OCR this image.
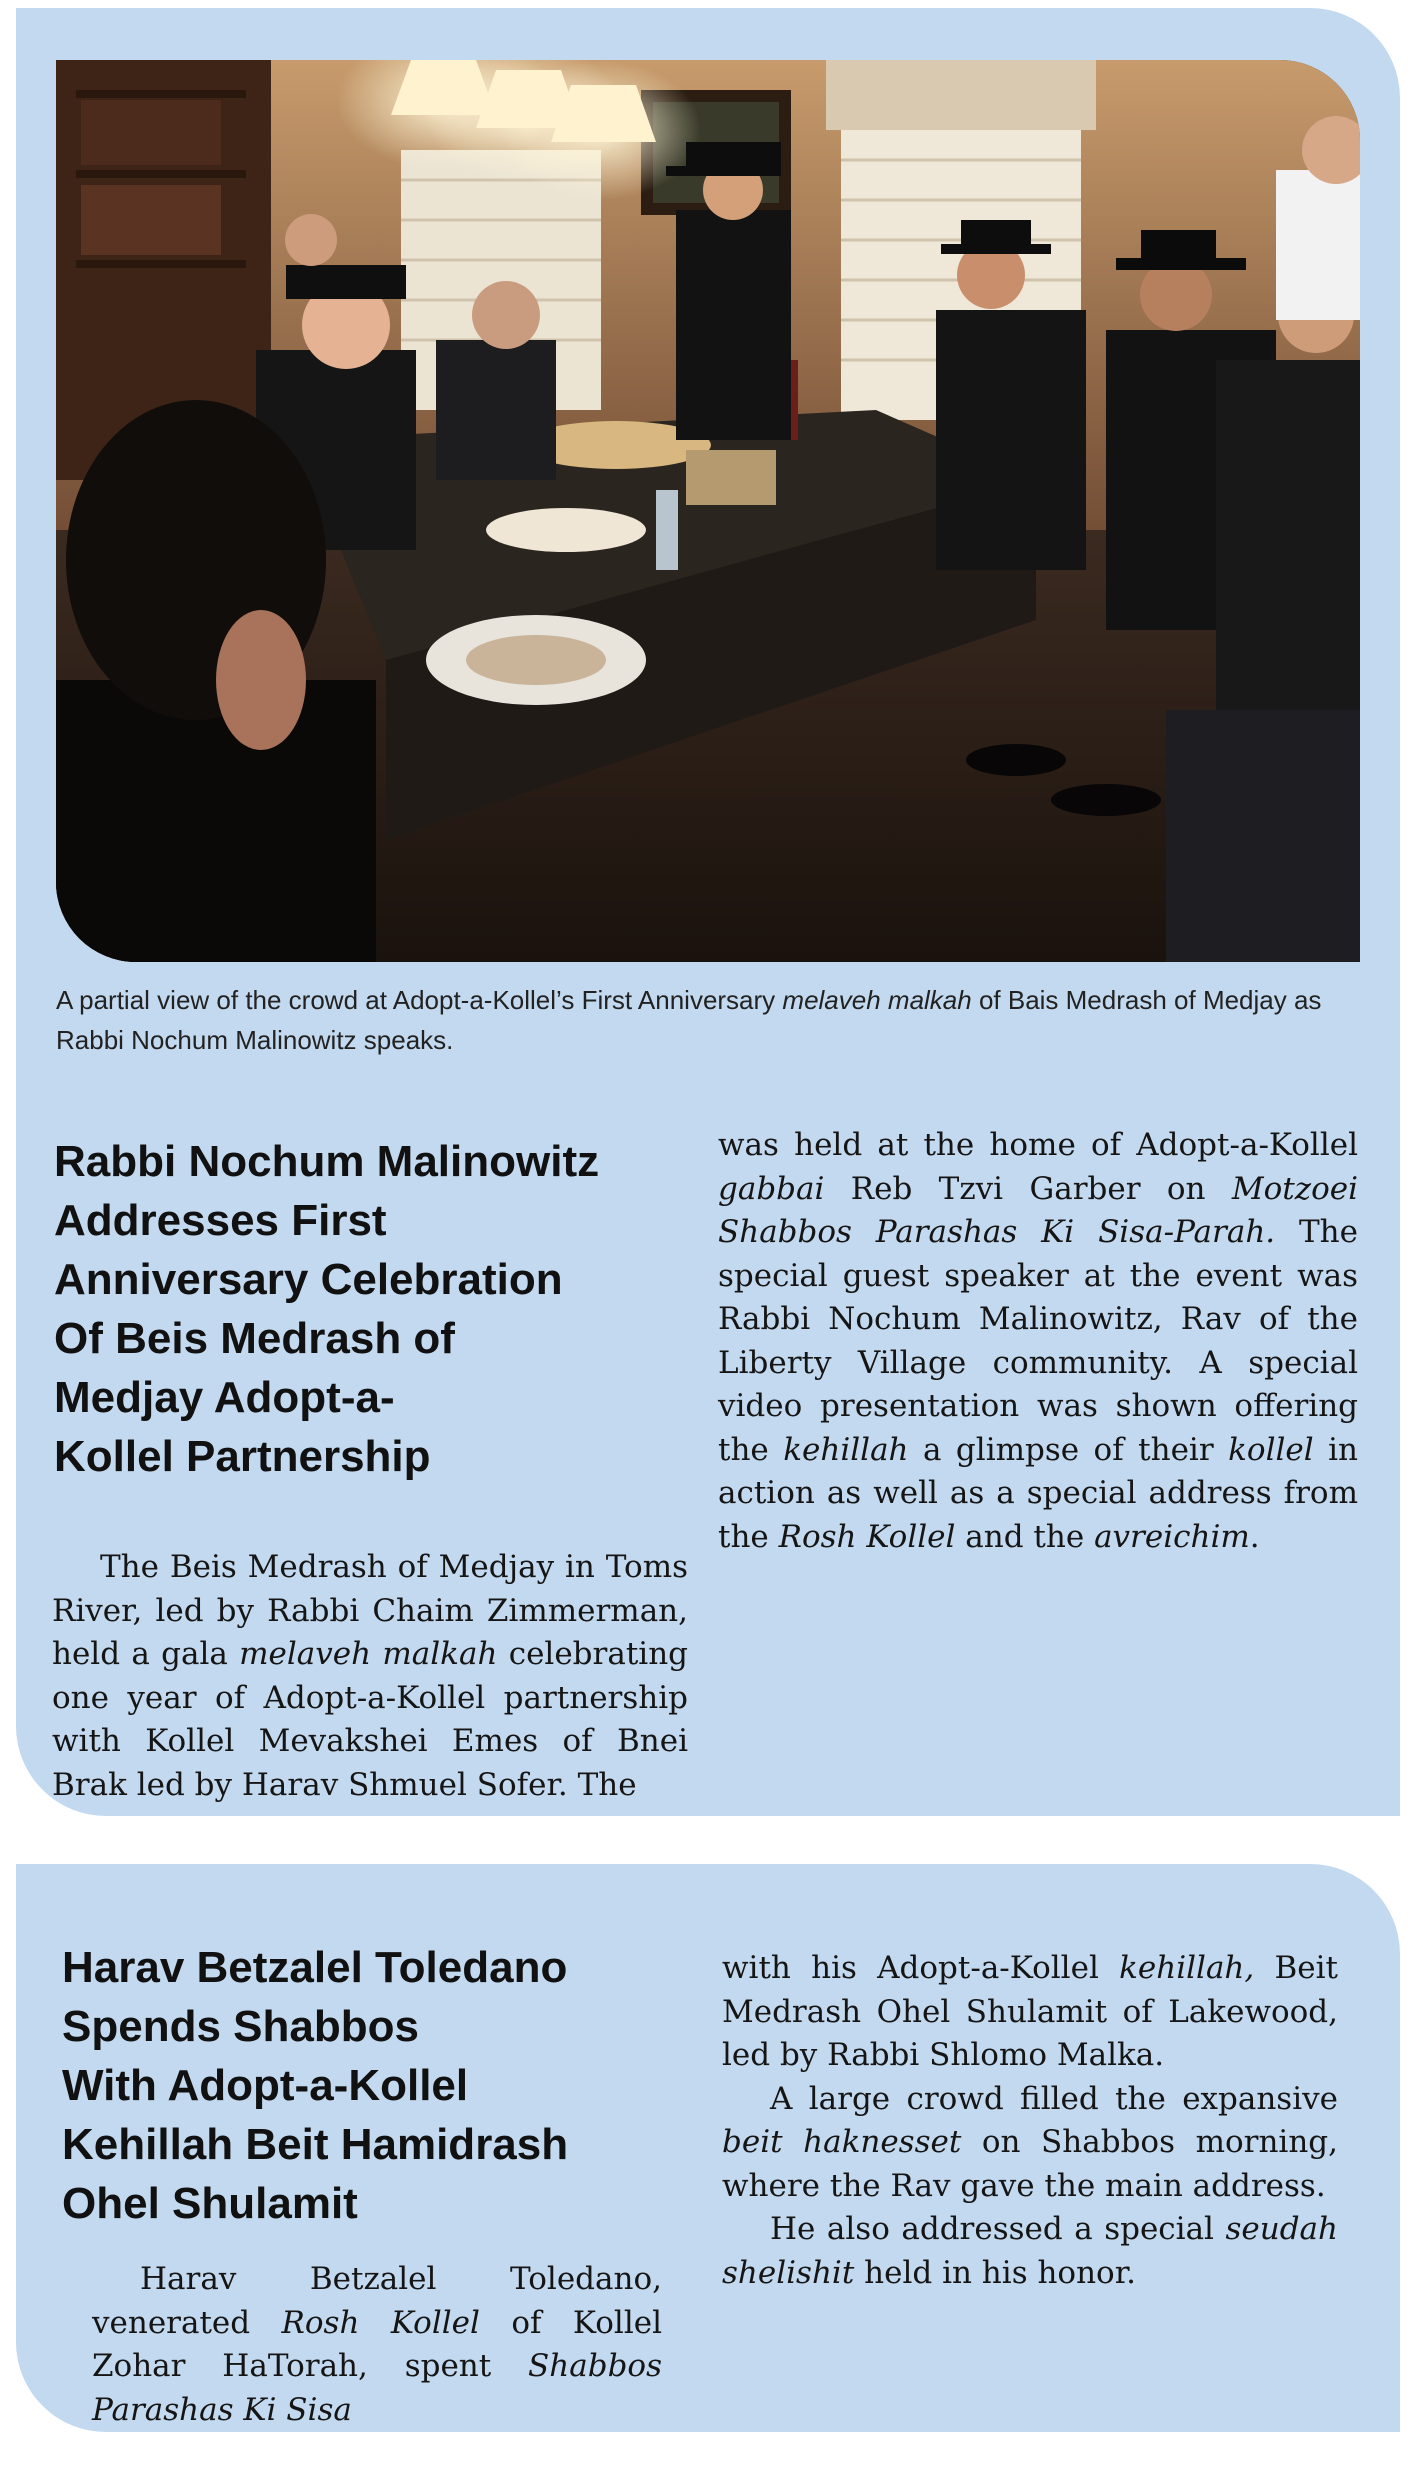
A partial view of the crowd at Adopt-a-Kollel’s First Anniversary melaveh malkah of Bais Medrash of Medjay as Rabbi Nochum Malinowitz speaks.
Rabbi Nochum Malinowitz
Addresses First
Anniversary Celebration
Of Beis Medrash of
Medjay Adopt-a-
Kollel Partnership

The Beis Medrash of Medjay in Toms River, led by Rabbi Chaim Zimmerman, held a gala melaveh malkah celebrating one year of Adopt-a-Kollel partnership with Kollel Mevakshei Emes of Bnei Brak led by Harav Shmuel Sofer. The

Harav Betzalel Toledano
Spends Shabbos
With Adopt-a-Kollel
Kehillah Beit Hamidrash
Ohel Shulamit

was held at the home of Adopt-a-Kollel gabbai Reb Tzvi Garber on Motzoei Shabbos Parashas Ki Sisa-Parah. The special guest speaker at the event was Rabbi Nochum Malinowitz, Rav of the Liberty Village community. A special video presentation was shown offering the kehillah a glimpse of their kollel in action as well as a special address from the Rosh Kollel and the avreichim.

Harav Betzalel Toledano, venerated Rosh Kollel of Kollel Zohar HaTorah, spent Shabbos Parashas Ki Sisa

with his Adopt-a-Kollel kehillah, Beit Medrash Ohel Shulamit of Lakewood, led by Rabbi Shlomo Malka.

A large crowd filled the expansive beit haknesset on Shabbos morning, where the Rav gave the main address.

He also addressed a special seudah shelishit held in his honor.
